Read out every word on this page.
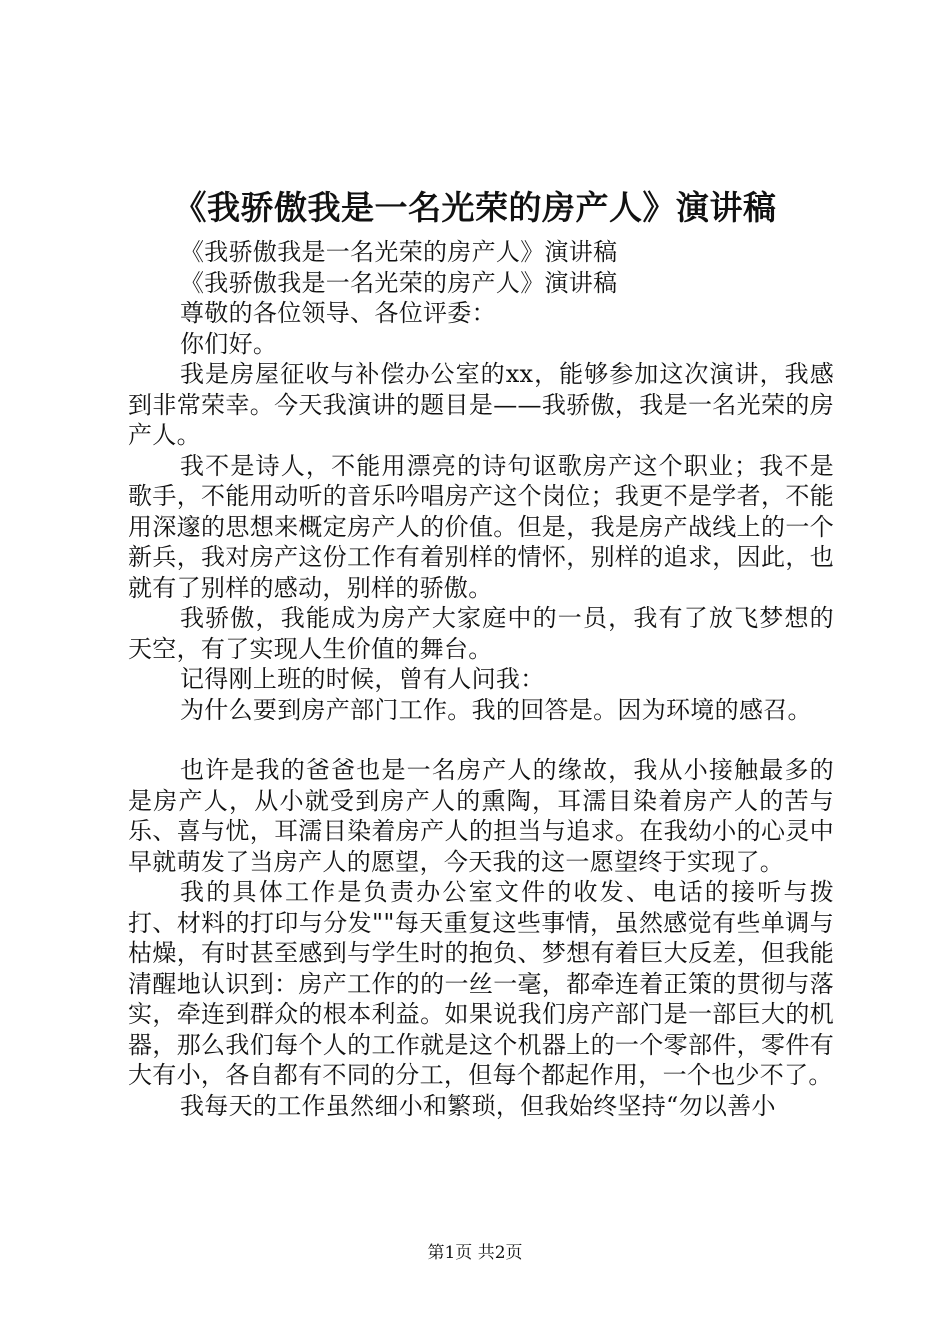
《我骄傲我是一名光荣的房产人》演讲稿

《我骄傲我是一名光荣的房产人》演讲稿

《我骄傲我是一名光荣的房产人》演讲稿

尊敬的各位领导、各位评委：

你们好。

我是房屋征收与补偿办公室的xx，能够参加这次演讲，我感到非常荣幸。今天我演讲的题目是——我骄傲，我是一名光荣的房产人。

我不是诗人，不能用漂亮的诗句讴歌房产这个职业；我不是歌手，不能用动听的音乐吟唱房产这个岗位；我更不是学者，不能用深邃的思想来概定房产人的价值。但是，我是房产战线上的一个新兵，我对房产这份工作有着别样的情怀，别样的追求，因此，也就有了别样的感动，别样的骄傲。

我骄傲，我能成为房产大家庭中的一员，我有了放飞梦想的天空，有了实现人生价值的舞台。

记得刚上班的时候，曾有人问我：

为什么要到房产部门工作。我的回答是。因为环境的感召。

也许是我的爸爸也是一名房产人的缘故，我从小接触最多的是房产人，从小就受到房产人的熏陶，耳濡目染着房产人的苦与乐、喜与忧，耳濡目染着房产人的担当与追求。在我幼小的心灵中早就萌发了当房产人的愿望，今天我的这一愿望终于实现了。

我的具体工作是负责办公室文件的收发、电话的接听与拨打、材料的打印与分发""每天重复这些事情，虽然感觉有些单调与枯燥，有时甚至感到与学生时的抱负、梦想有着巨大反差，但我能清醒地认识到：房产工作的的一丝一毫，都牵连着正策的贯彻与落实，牵连到群众的根本利益。如果说我们房产部门是一部巨大的机器，那么我们每个人的工作就是这个机器上的一个零部件，零件有大有小，各自都有不同的分工，但每个都起作用，一个也少不了。

我每天的工作虽然细小和繁琐，但我始终坚持“勿以善小

第1页 共2页
